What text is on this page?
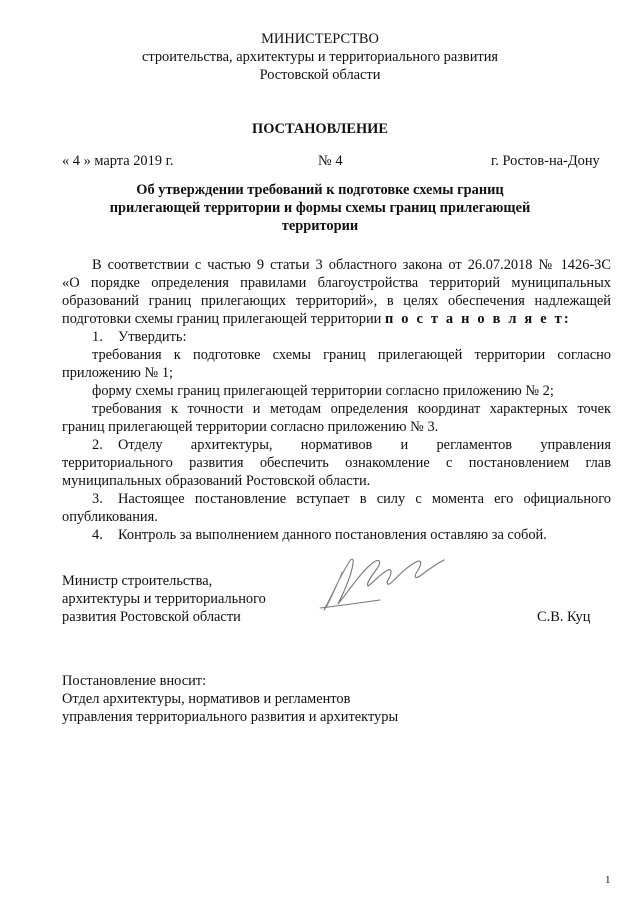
МИНИСТЕРСТВО
строительства, архитектуры и территориального развития
Ростовской области
ПОСТАНОВЛЕНИЕ
« 4 » марта 2019 г.	№ 4	г. Ростов-на-Дону
Об утверждении требований к подготовке схемы границ
прилегающей территории и формы схемы границ прилегающей
территории
В соответствии с частью 9 статьи 3 областного закона от 26.07.2018 № 1426-ЗС
«О порядке определения правилами благоустройства территорий муниципальных
образований границ прилегающих территорий», в целях обеспечения надлежащей
подготовки схемы границ прилегающей территории п о с т а н о в л я е т:
1. Утвердить:
требования к подготовке схемы границ прилегающей территории согласно
приложению № 1;
форму схемы границ прилегающей территории согласно приложению № 2;
требования к точности и методам определения координат характерных точек
границ прилегающей территории согласно приложению № 3.
2. Отделу архитектуры, нормативов и регламентов управления
территориального развития обеспечить ознакомление с постановлением глав
муниципальных образований Ростовской области.
3. Настоящее постановление вступает в силу с момента его официального
опубликования.
4. Контроль за выполнением данного постановления оставляю за собой.
Министр строительства,
архитектуры и территориального
развития Ростовской области	С.В. Куц
Постановление вносит:
Отдел архитектуры, нормативов и регламентов
управления территориального развития и архитектуры
1
